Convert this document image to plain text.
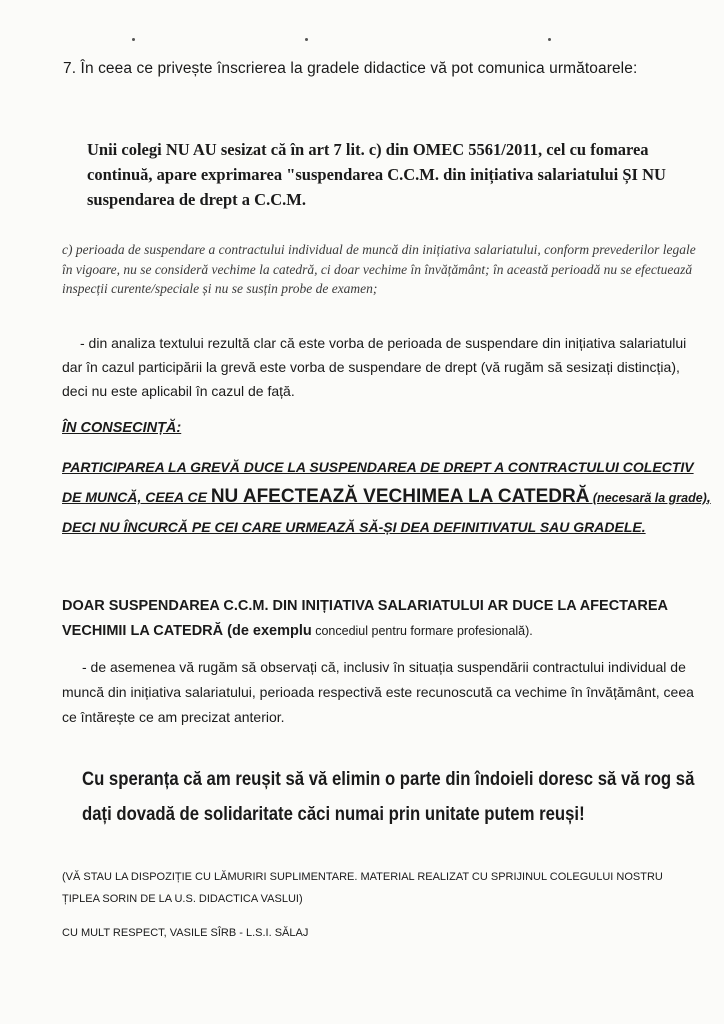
7. În ceea ce privește înscrierea la gradele didactice vă pot comunica următoarele:

Unii colegi NU AU sesizat că în art 7 lit. c) din OMEC 5561/2011, cel cu fomarea continuă, apare exprimarea "suspendarea C.C.M. din inițiativa salariatului ȘI NU suspendarea de drept a C.C.M.

c) perioada de suspendare a contractului individual de muncă din inițiativa salariatului, conform prevederilor legale în vigoare, nu se consideră vechime la catedră, ci doar vechime în învățământ; în această perioadă nu se efectuează inspecții curente/speciale și nu se susțin probe de examen;

- din analiza textului rezultă clar că este vorba de perioada de suspendare din inițiativa salariatului dar în cazul participării la grevă este vorba de suspendare de drept (vă rugăm să sesizați distincția), deci nu este aplicabil în cazul de față.

ÎN CONSECINȚĂ:

PARTICIPAREA LA GREVĂ DUCE LA SUSPENDAREA DE DREPT A CONTRACTULUI COLECTIV DE MUNCĂ, CEEA CE NU AFECTEAZĂ VECHIMEA LA CATEDRĂ (necesară la grade), DECI NU ÎNCURCĂ PE CEI CARE URMEAZĂ SĂ-ȘI DEA DEFINITIVATUL SAU GRADELE.

DOAR SUSPENDAREA C.C.M. DIN INIȚIATIVA SALARIATULUI AR DUCE LA AFECTAREA VECHIMII LA CATEDRĂ (de exemplu concediul pentru formare profesională).

- de asemenea vă rugăm să observați că, inclusiv în situația suspendării contractului individual de muncă din inițiativa salariatului, perioada respectivă este recunoscută ca vechime în învățământ, ceea ce întărește ce am precizat anterior.

Cu speranța că am reușit să vă elimin o parte din îndoieli doresc să vă rog să dați dovadă de solidaritate căci numai prin unitate putem reuși!

(VĂ STAU LA DISPOZIȚIE CU LĂMURIRI SUPLIMENTARE. MATERIAL REALIZAT CU SPRIJINUL COLEGULUI NOSTRU ȚIPLEA SORIN DE LA U.S. DIDACTICA VASLUI)

CU MULT RESPECT, VASILE SÎRB - L.S.I. SĂLAJ
